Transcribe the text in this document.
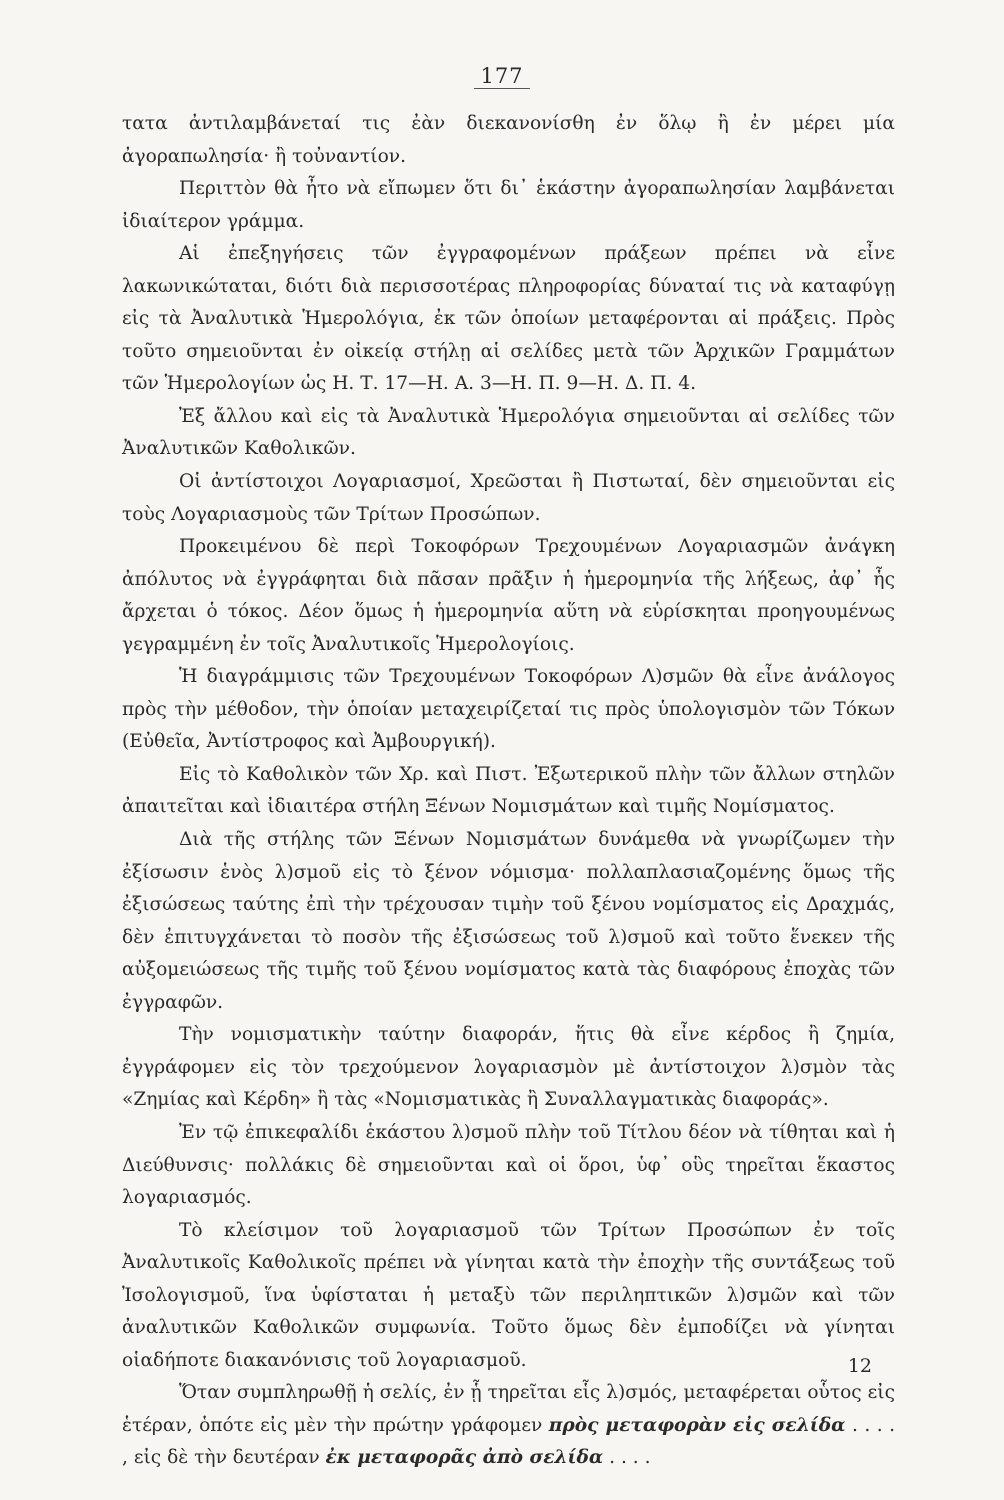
177

τατα ἀντιλαμβάνεταί τις ἐὰν διεκανονίσθη ἐν ὅλῳ ἢ ἐν μέρει μία ἀγοραπωλησία· ἢ τοὐναντίον.

Περιττὸν θὰ ἦτο νὰ εἴπωμεν ὅτι δι᾽ ἑκάστην ἀγοραπωλησίαν λαμβάνεται ἰδιαίτερον γράμμα.

Αἱ ἐπεξηγήσεις τῶν ἐγγραφομένων πράξεων πρέπει νὰ εἶνε λακωνικώταται, διότι διὰ περισσοτέρας πληροφορίας δύναταί τις νὰ καταφύγῃ εἰς τὰ Ἀναλυτικὰ Ἡμερολόγια, ἐκ τῶν ὁποίων μεταφέρονται αἱ πράξεις. Πρὸς τοῦτο σημειοῦνται ἐν οἰκείᾳ στήλῃ αἱ σελίδες μετὰ τῶν Ἀρχικῶν Γραμμάτων τῶν Ἡμερολογίων ὡς Η. Τ. 17—Η. Α. 3—Η. Π. 9—Η. Δ. Π. 4.

Ἐξ ἄλλου καὶ εἰς τὰ Ἀναλυτικὰ Ἡμερολόγια σημειοῦνται αἱ σελίδες τῶν Ἀναλυτικῶν Καθολικῶν.

Οἱ ἀντίστοιχοι Λογαριασμοί, Χρεῶσται ἢ Πιστωταί, δὲν σημειοῦνται εἰς τοὺς Λογαριασμοὺς τῶν Τρίτων Προσώπων.

Προκειμένου δὲ περὶ Τοκοφόρων Τρεχουμένων Λογαριασμῶν ἀνάγκη ἀπόλυτος νὰ ἐγγράφηται διὰ πᾶσαν πρᾶξιν ἡ ἡμερομηνία τῆς λήξεως, ἀφ᾽ ἧς ἄρχεται ὁ τόκος. Δέον ὅμως ἡ ἡμερομηνία αὕτη νὰ εὑρίσκηται προηγουμένως γεγραμμένη ἐν τοῖς Ἀναλυτικοῖς Ἡμερολογίοις.

Ἡ διαγράμμισις τῶν Τρεχουμένων Τοκοφόρων Λ)σμῶν θὰ εἶνε ἀνάλογος πρὸς τὴν μέθοδον, τὴν ὁποίαν μεταχειρίζεταί τις πρὸς ὑπολογισμὸν τῶν Τόκων (Εὐθεῖα, Ἀντίστροφος καὶ Ἀμβουργική).

Εἰς τὸ Καθολικὸν τῶν Χρ. καὶ Πιστ. Ἐξωτερικοῦ πλὴν τῶν ἄλλων στηλῶν ἀπαιτεῖται καὶ ἰδιαιτέρα στήλη Ξένων Νομισμάτων καὶ τιμῆς Νομίσματος.

Διὰ τῆς στήλης τῶν Ξένων Νομισμάτων δυνάμεθα νὰ γνωρίζωμεν τὴν ἐξίσωσιν ἑνὸς λ)σμοῦ εἰς τὸ ξένον νόμισμα· πολλαπλασιαζομένης ὅμως τῆς ἐξισώσεως ταύτης ἐπὶ τὴν τρέχουσαν τιμὴν τοῦ ξένου νομίσματος εἰς Δραχμάς, δὲν ἐπιτυγχάνεται τὸ ποσὸν τῆς ἐξισώσεως τοῦ λ)σμοῦ καὶ τοῦτο ἕνεκεν τῆς αὐξομειώσεως τῆς τιμῆς τοῦ ξένου νομίσματος κατὰ τὰς διαφόρους ἐποχὰς τῶν ἐγγραφῶν.

Τὴν νομισματικὴν ταύτην διαφοράν, ἥτις θὰ εἶνε κέρδος ἢ ζημία, ἐγγράφομεν εἰς τὸν τρεχούμενον λογαριασμὸν μὲ ἀντίστοιχον λ)σμὸν τὰς «Ζημίας καὶ Κέρδη» ἢ τὰς «Νομισματικὰς ἢ Συναλλαγματικὰς διαφοράς».

Ἐν τῷ ἐπικεφαλίδι ἑκάστου λ)σμοῦ πλὴν τοῦ Τίτλου δέον νὰ τίθηται καὶ ἡ Διεύθυνσις· πολλάκις δὲ σημειοῦνται καὶ οἱ ὅροι, ὑφ᾽ οὓς τηρεῖται ἕκαστος λογαριασμός.

Τὸ κλείσιμον τοῦ λογαριασμοῦ τῶν Τρίτων Προσώπων ἐν τοῖς Ἀναλυτικοῖς Καθολικοῖς πρέπει νὰ γίνηται κατὰ τὴν ἐποχὴν τῆς συντάξεως τοῦ Ἰσολογισμοῦ, ἵνα ὑφίσταται ἡ μεταξὺ τῶν περιληπτικῶν λ)σμῶν καὶ τῶν ἀναλυτικῶν Καθολικῶν συμφωνία. Τοῦτο ὅμως δὲν ἐμποδίζει νὰ γίνηται οἱαδήποτε διακανόνισις τοῦ λογαριασμοῦ.

Ὅταν συμπληρωθῇ ἡ σελίς, ἐν ᾗ τηρεῖται εἷς λ)σμός, μεταφέρεται οὗτος εἰς ἑτέραν, ὁπότε εἰς μὲν τὴν πρώτην γράφομεν πρὸς μεταφορὰν εἰς σελίδα . . . . , εἰς δὲ τὴν δευτέραν ἐκ μεταφορᾶς ἀπὸ σελίδα . . . .

12
